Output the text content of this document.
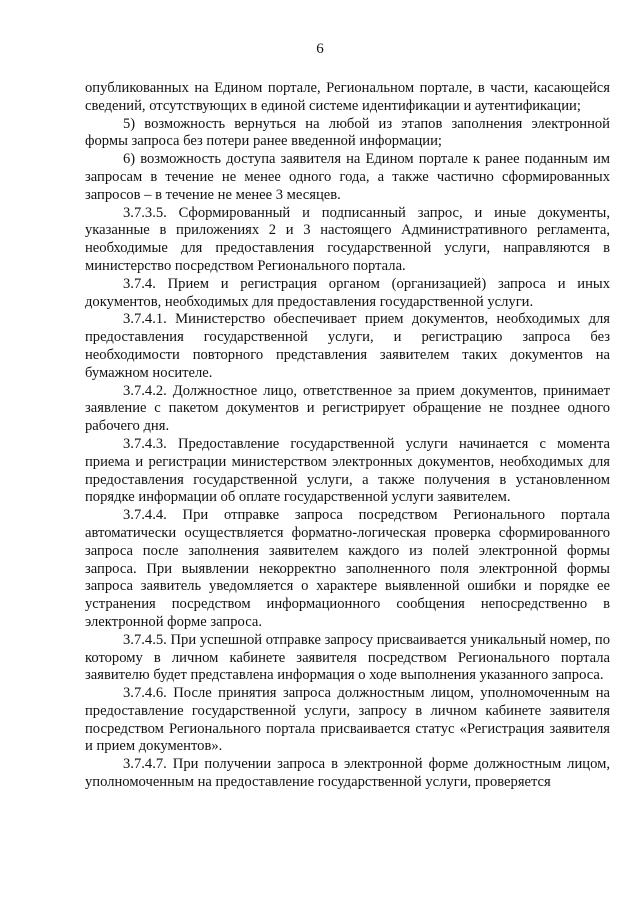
6

опубликованных на Едином портале, Региональном портале, в части, касающейся сведений, отсутствующих в единой системе идентификации и аутентификации;

5) возможность вернуться на любой из этапов заполнения электронной формы запроса без потери ранее введенной информации;

6) возможность доступа заявителя на Едином портале к ранее поданным им запросам в течение не менее одного года, а также частично сформированных запросов – в течение не менее 3 месяцев.

3.7.3.5. Сформированный и подписанный запрос, и иные документы, указанные в приложениях 2 и 3 настоящего Административного регламента, необходимые для предоставления государственной услуги, направляются в министерство посредством Регионального портала.

3.7.4. Прием и регистрация органом (организацией) запроса и иных документов, необходимых для предоставления государственной услуги.

3.7.4.1. Министерство обеспечивает прием документов, необходимых для предоставления государственной услуги, и регистрацию запроса без необходимости повторного представления заявителем таких документов на бумажном носителе.

3.7.4.2. Должностное лицо, ответственное за прием документов, принимает заявление с пакетом документов и регистрирует обращение не позднее одного рабочего дня.

3.7.4.3. Предоставление государственной услуги начинается с момента приема и регистрации министерством электронных документов, необходимых для предоставления государственной услуги, а также получения в установленном порядке информации об оплате государственной услуги заявителем.

3.7.4.4. При отправке запроса посредством Регионального портала автоматически осуществляется форматно-логическая проверка сформированного запроса после заполнения заявителем каждого из полей электронной формы запроса. При выявлении некорректно заполненного поля электронной формы запроса заявитель уведомляется о характере выявленной ошибки и порядке ее устранения посредством информационного сообщения непосредственно в электронной форме запроса.

3.7.4.5. При успешной отправке запросу присваивается уникальный номер, по которому в личном кабинете заявителя посредством Регионального портала заявителю будет представлена информация о ходе выполнения указанного запроса.

3.7.4.6. После принятия запроса должностным лицом, уполномоченным на предоставление государственной услуги, запросу в личном кабинете заявителя посредством Регионального портала присваивается статус «Регистрация заявителя и прием документов».

3.7.4.7. При получении запроса в электронной форме должностным лицом, уполномоченным на предоставление государственной услуги, проверяется
